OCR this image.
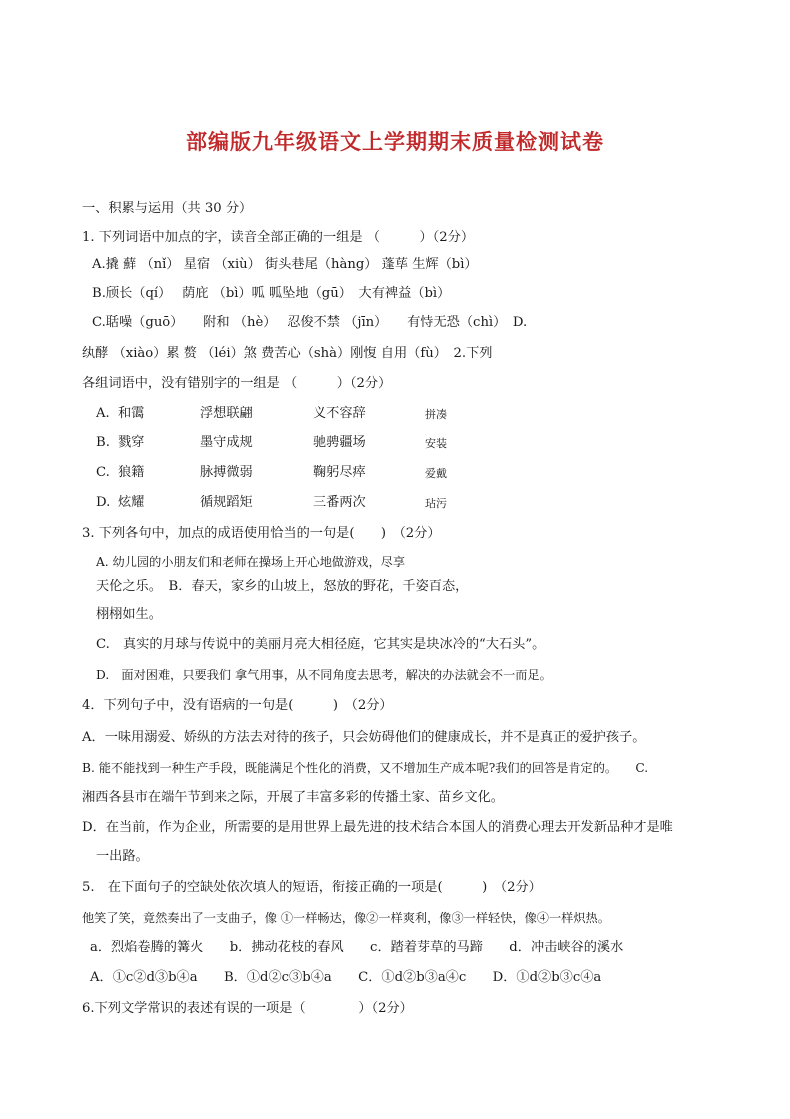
部编版九年级语文上学期期末质量检测试卷
一、积累与运用（共 30 分）
1. 下列词语中加点的字，读音全部正确的一组是 （　　　）（2分）
A.撬 蘚 （nǐ） 星宿 （xiù） 街头巷尾（hàng） 蓬荜 生辉（bì）
B.颀长（qí）　 荫庇 （bì）呱 呱坠地（gū）　大有裨益（bì）
C.聒噪（guō）　　附和 （hè）　 忍俊不禁 （jīn）　　有恃无恐（chì）　D.
纨酵 （xiào）累 赘 （léi）煞 费苦心（shà）刚愎 自用（fù）　2.下列
各组词语中，没有错别字的一组是 （　　　）（2分）
A. 和霭	浮想联翩	义不容辞	拼凑
B. 戮穿	墨守成规	驰骋疆场	安装
C. 狼籍	脉搏微弱	鞠躬尽瘁	爱戴
D. 炫耀	循规蹈矩	三番两次	玷污
3. 下列各句中，加点的成语使用恰当的一句是(　　)　（2分）
A. 幼儿园的小朋友们和老师在操场上开心地做游戏，尽享
天伦之乐。　B．春天，家乡的山坡上，怒放的野花，千姿百态，
栩栩如生。
C.　真实的月球与传说中的美丽月亮大相径庭，它其实是块冰冷的“大石头”。
D.　面对困难，只要我们 拿气用事，从不同角度去思考，解决的办法就会不一而足。
4．下列句子中，没有语病的一句是(　　　)　（2分）
A．一味用溺爱、娇纵的方法去对待的孩子，只会妨碍他们的健康成长，并不是真正的爱护孩子。
B. 能不能找到一种生产手段，既能满足个性化的消费，又不增加生产成本呢?我们的回答是肯定的。　　C.
湘西各县市在端午节到来之际，开展了丰富多彩的传播土家、苗乡文化。
D．在当前，作为企业，所需要的是用世界上最先进的技术结合本国人的消费心理去开发新品种才是唯
一出路。
5.　在下面句子的空缺处依次填人的短语，衔接正确的一项是(　　　)　（2分）
他笑了笑，竟然奏出了一支曲子，像 ①一样畅达，像②一样爽利，像③一样轻快，像④一样炽热。
a．烈焰卷腾的篝火　　b．拂动花枝的春风　　c．踏着芽草的马蹄　　d．冲击峡谷的溪水
A．①c②d③b④a　　B．①d②c③b④a　　C．①d②b③a④c　　D．①d②b③c④a
6.下列文学常识的表述有误的一项是（　　　　）（2分）
